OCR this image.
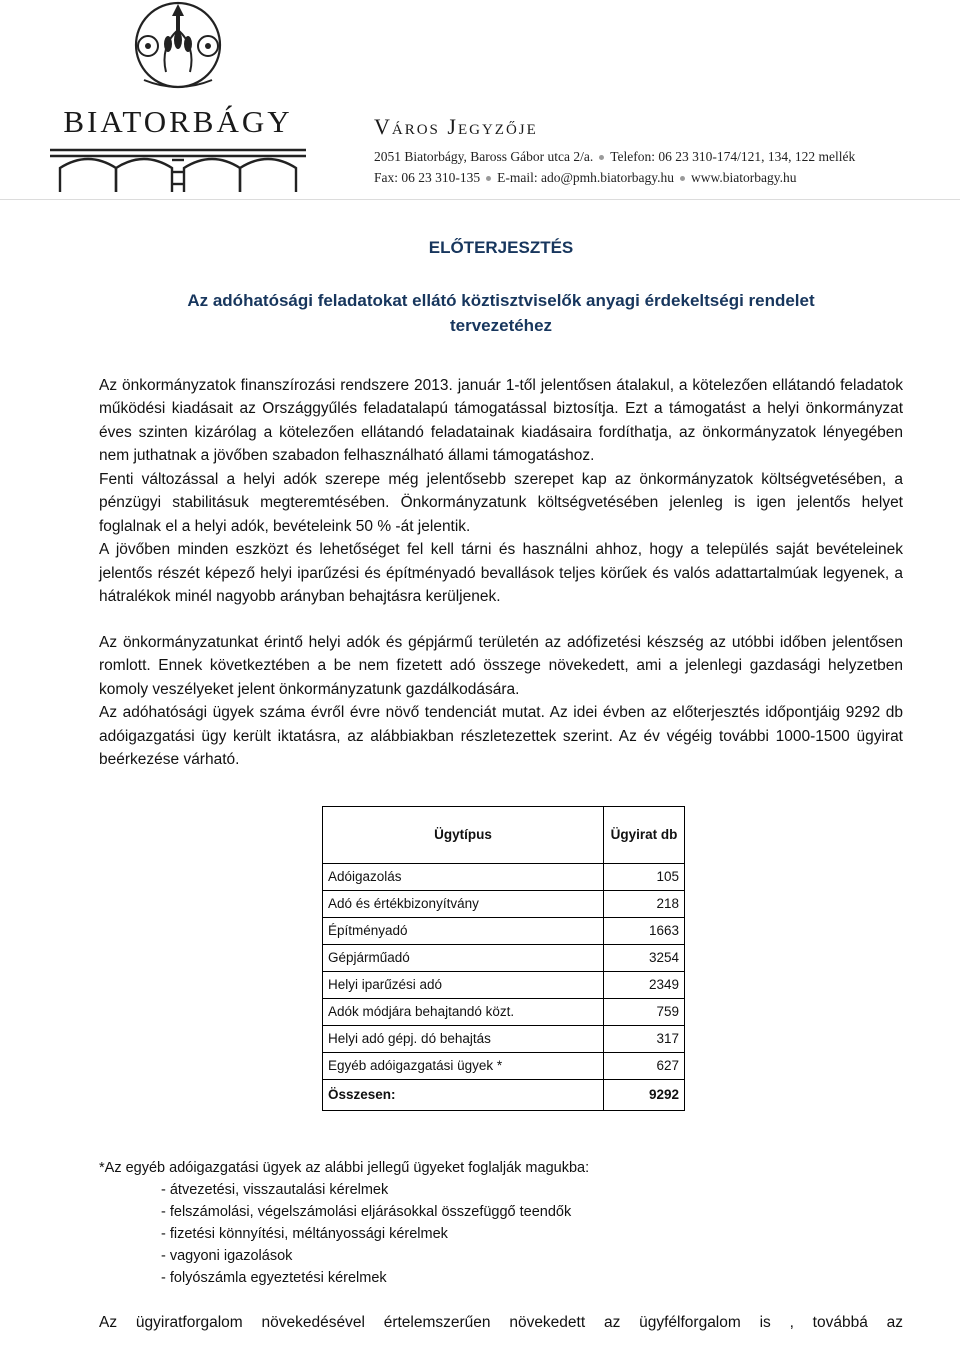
BIATORBÁGY	Város Jegyzője
2051 Biatorbágy, Baross Gábor utca 2/a. Telefon: 06 23 310-174/121, 134, 122 mellék
Fax: 06 23 310-135 E-mail: ado@pmh.biatorbagy.hu www.biatorbagy.hu
ELŐTERJESZTÉS
Az adóhatósági feladatokat ellátó köztisztviselők anyagi érdekeltségi rendelet tervezetéhez

Az önkormányzatok finanszírozási rendszere 2013. január 1-től jelentősen átalakul, a kötelezően ellátandó feladatok működési kiadásait az Országgyűlés feladatalapú támogatással biztosítja. Ezt a támogatást a helyi önkormányzat éves szinten kizárólag a kötelezően ellátandó feladatainak kiadásaira fordíthatja, az önkormányzatok lényegében nem juthatnak a jövőben szabadon felhasználható állami támogatáshoz.

Fenti változással a helyi adók szerepe még jelentősebb szerepet kap az önkormányzatok költségvetésében, a pénzügyi stabilitásuk megteremtésében. Önkormányzatunk költségvetésében jelenleg is igen jelentős helyet foglalnak el a helyi adók, bevételeink 50 % -át jelentik.

A jövőben minden eszközt és lehetőséget fel kell tárni és használni ahhoz, hogy a település saját bevételeinek jelentős részét képező helyi iparűzési és építményadó bevallások teljes körűek és valós adattartalmúak legyenek, a hátralékok minél nagyobb arányban behajtásra kerüljenek.

Az önkormányzatunkat érintő helyi adók és gépjármű területén az adófizetési készség az utóbbi időben jelentősen romlott. Ennek következtében a be nem fizetett adó összege növekedett, ami a jelenlegi gazdasági helyzetben komoly veszélyeket jelent önkormányzatunk gazdálkodására.

Az adóhatósági ügyek száma évről évre növő tendenciát mutat. Az idei évben az előterjesztés időpontjáig 9292 db adóigazgatási ügy került iktatásra, az alábbiakban részletezettek szerint. Az év végéig további 1000-1500 ügyirat beérkezése várható.

Ügytípus	Ügyirat db
Adóigazolás	105
Adó és értékbizonyítvány	218
Építményadó	1663
Gépjárműadó	3254
Helyi iparűzési adó	2349
Adók módjára behajtandó közt.	759
Helyi adó gépj. dó behajtás	317
Egyéb adóigazgatási ügyek *	627
Összesen:	9292
*Az egyéb adóigazgatási ügyek az alábbi jellegű ügyeket foglalják magukba:
- átvezetési, visszautalási kérelmek
- felszámolási, végelszámolási eljárásokkal összefüggő teendők
- fizetési könnyítési, méltányossági kérelmek
- vagyoni igazolások
- folyószámla egyeztetési kérelmek

Az ügyiratforgalom növekedésével értelemszerűen növekedett az ügyfélforgalom is , továbbá az
